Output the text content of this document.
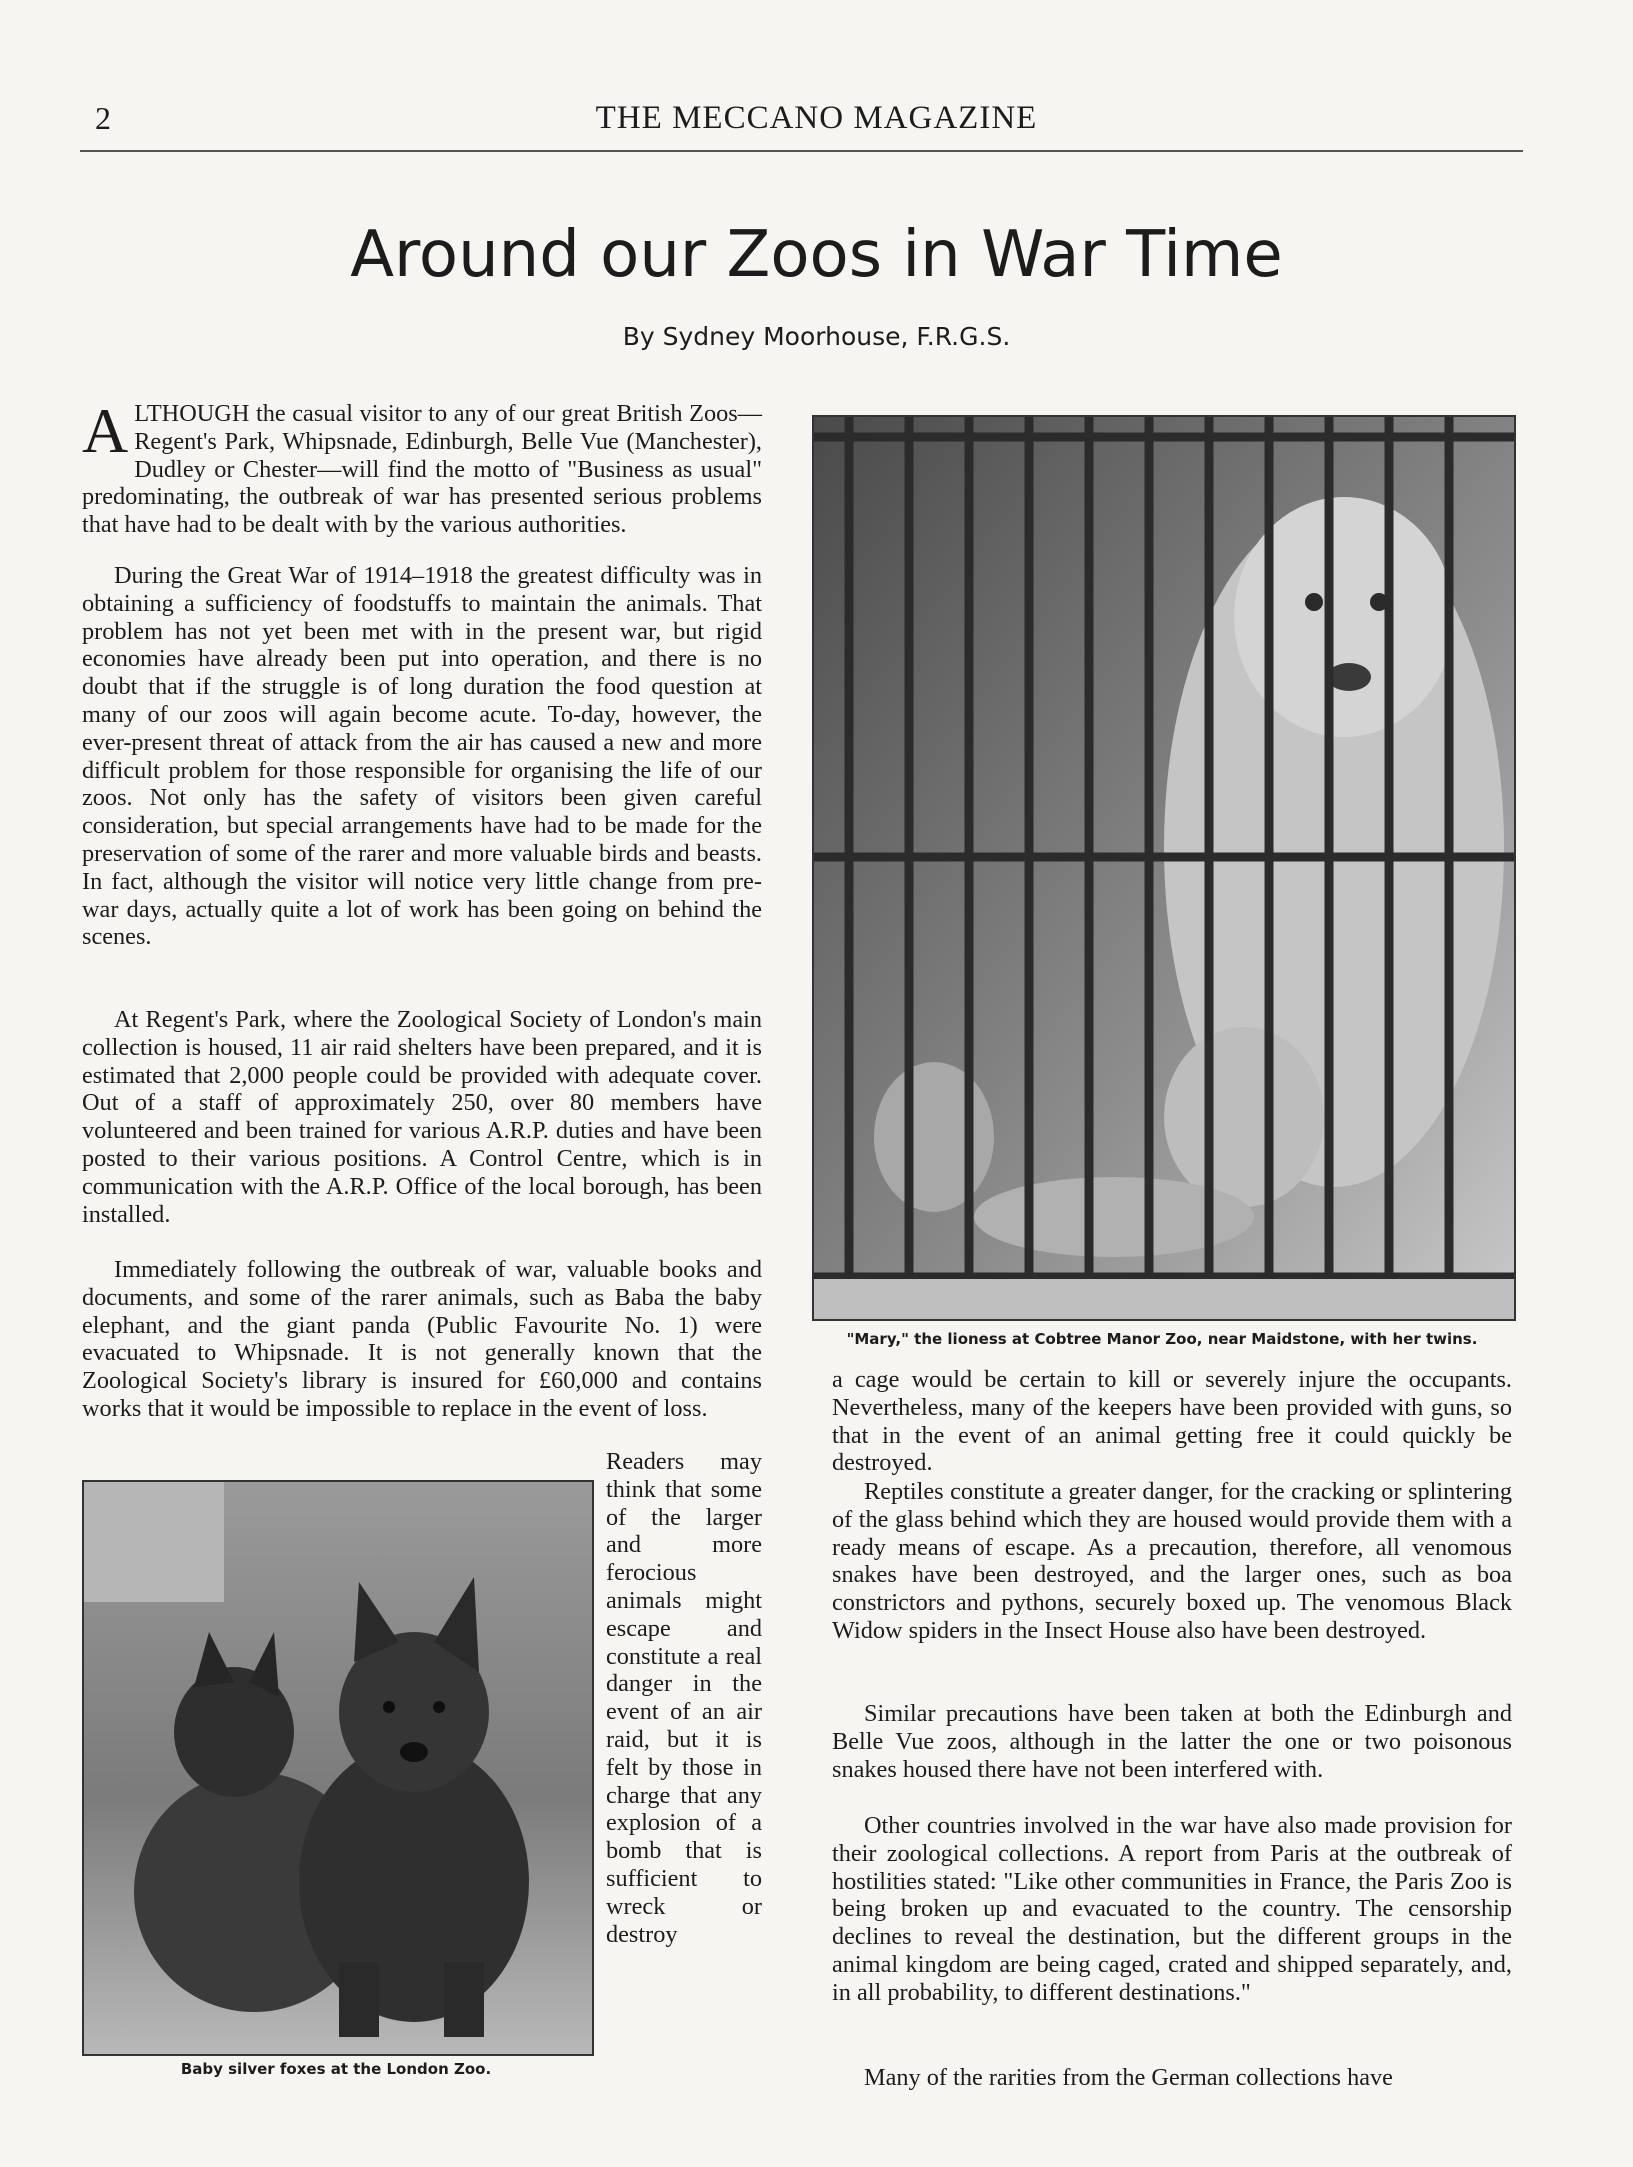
2	THE MECCANO MAGAZINE
Around our Zoos in War Time
By Sydney Moorhouse, F.R.G.S.

ALTHOUGH the casual visitor to any of our great British Zoos—Regent's Park, Whipsnade, Edinburgh, Belle Vue (Manchester), Dudley or Chester—will find the motto of "Business as usual" predominating, the outbreak of war has presented serious problems that have had to be dealt with by the various authorities.

During the Great War of 1914–1918 the greatest difficulty was in obtaining a sufficiency of foodstuffs to maintain the animals. That problem has not yet been met with in the present war, but rigid economies have already been put into operation, and there is no doubt that if the struggle is of long duration the food question at many of our zoos will again become acute. To-day, however, the ever-present threat of attack from the air has caused a new and more difficult problem for those responsible for organising the life of our zoos. Not only has the safety of visitors been given careful consideration, but special arrangements have had to be made for the preservation of some of the rarer and more valuable birds and beasts. In fact, although the visitor will notice very little change from pre-war days, actually quite a lot of work has been going on behind the scenes.

At Regent's Park, where the Zoological Society of London's main collection is housed, 11 air raid shelters have been prepared, and it is estimated that 2,000 people could be provided with adequate cover. Out of a staff of approximately 250, over 80 members have volunteered and been trained for various A.R.P. duties and have been posted to their various positions. A Control Centre, which is in communication with the A.R.P. Office of the local borough, has been installed.

Immediately following the outbreak of war, valuable books and documents, and some of the rarer animals, such as Baba the baby elephant, and the giant panda (Public Favourite No. 1) were evacuated to Whipsnade. It is not generally known that the Zoological Society's library is insured for £60,000 and contains works that it would be impossible to replace in the event of loss.

Baby silver foxes at the London Zoo.

Readers may think that some of the larger and more ferocious animals might escape and constitute a real danger in the event of an air raid, but it is felt by those in charge that any explosion of a bomb that is sufficient to wreck or destroy

"Mary," the lioness at Cobtree Manor Zoo, near Maidstone, with her twins.

a cage would be certain to kill or severely injure the occupants. Nevertheless, many of the keepers have been provided with guns, so that in the event of an animal getting free it could quickly be destroyed.

Reptiles constitute a greater danger, for the cracking or splintering of the glass behind which they are housed would provide them with a ready means of escape. As a precaution, therefore, all venomous snakes have been destroyed, and the larger ones, such as boa constrictors and pythons, securely boxed up. The venomous Black Widow spiders in the Insect House also have been destroyed.

Similar precautions have been taken at both the Edinburgh and Belle Vue zoos, although in the latter the one or two poisonous snakes housed there have not been interfered with.

Other countries involved in the war have also made provision for their zoological collections. A report from Paris at the outbreak of hostilities stated: "Like other communities in France, the Paris Zoo is being broken up and evacuated to the country. The censorship declines to reveal the destination, but the different groups in the animal kingdom are being caged, crated and shipped separately, and, in all probability, to different destinations."

Many of the rarities from the German collections have
